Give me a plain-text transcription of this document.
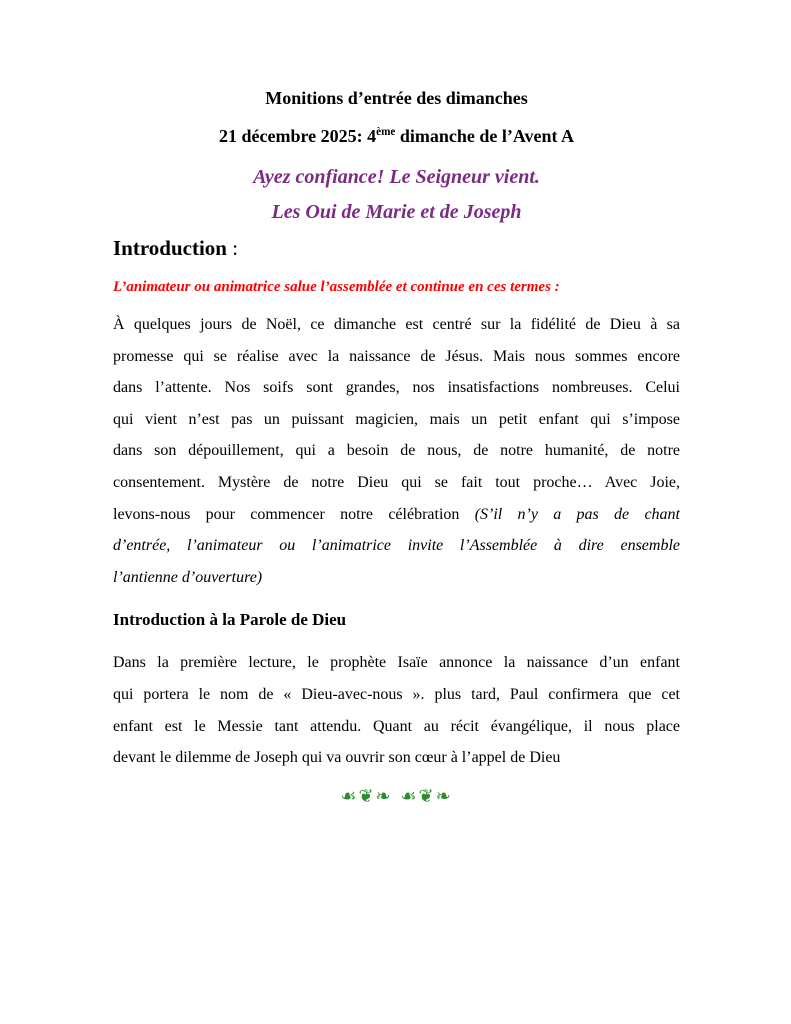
Monitions d’entrée des dimanches
21 décembre 2025: 4ème dimanche de l’Avent A
Ayez confiance! Le Seigneur vient.
Les Oui de Marie et de Joseph
Introduction :
L’animateur ou animatrice salue l’assemblée et continue en ces termes :
À quelques jours de Noël, ce dimanche est centré sur la fidélité de Dieu à sa
promesse qui se réalise avec la naissance de Jésus. Mais nous sommes encore
dans l’attente. Nos soifs sont grandes, nos insatisfactions nombreuses. Celui
qui vient n’est pas un puissant magicien, mais un petit enfant qui s’impose
dans son dépouillement, qui a besoin de nous, de notre humanité, de notre
consentement. Mystère de notre Dieu qui se fait tout proche… Avec Joie,
levons-nous pour commencer notre célébration (S’il n’y a pas de chant
d’entrée, l’animateur ou l’animatrice invite l’Assemblée à dire ensemble
l’antienne d’ouverture)
Introduction à la Parole de Dieu
Dans la première lecture, le prophète Isaïe annonce la naissance d’un enfant
qui portera le nom de « Dieu-avec-nous ». plus tard, Paul confirmera que cet
enfant est le Messie tant attendu. Quant au récit évangélique, il nous place
devant le dilemme de Joseph qui va ouvrir son cœur à l’appel de Dieu
☙❦❧ ☙❦❧
